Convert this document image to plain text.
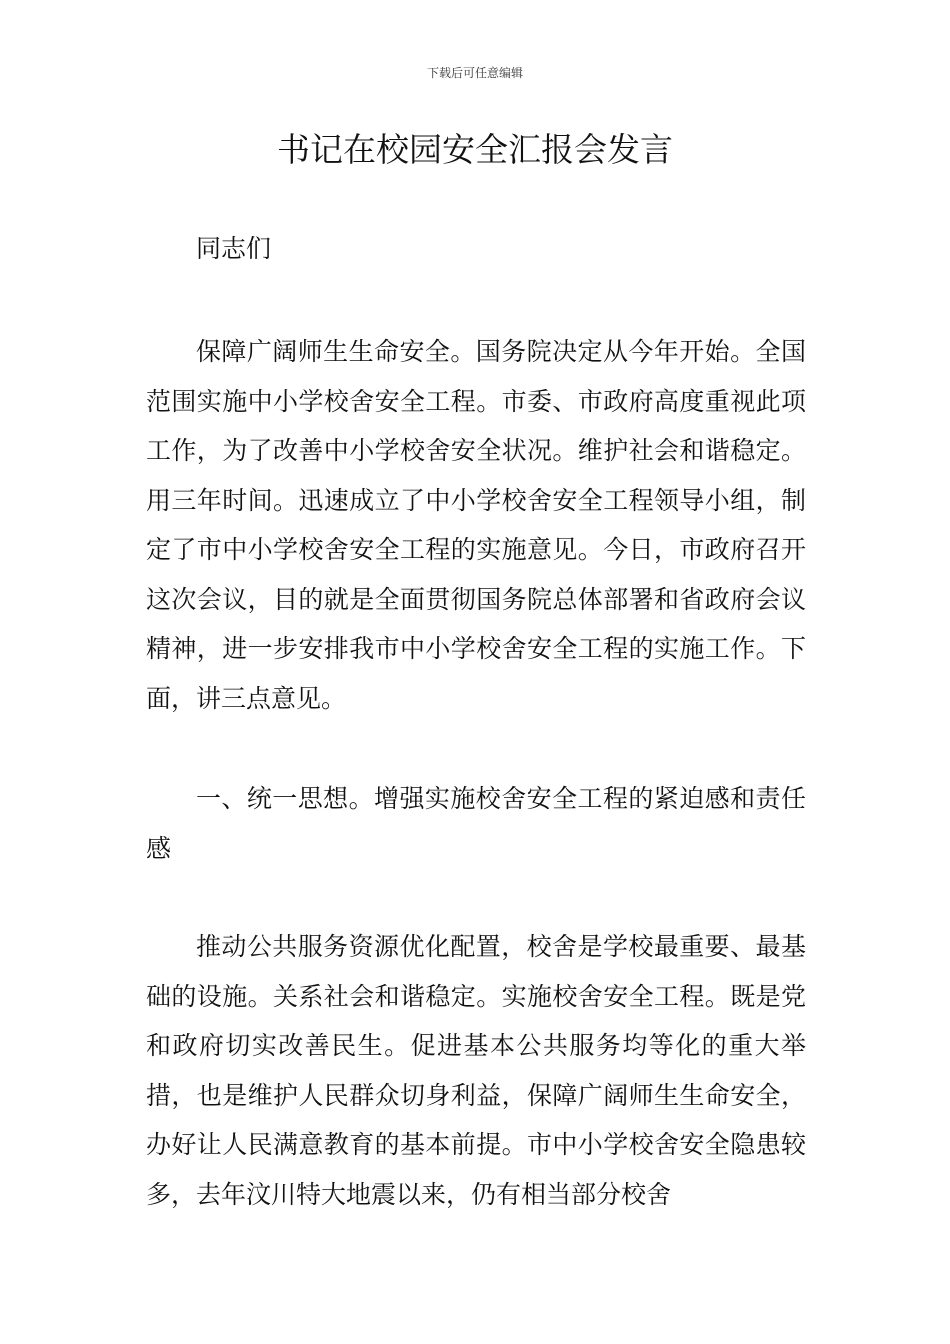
下载后可任意编辑
书记在校园安全汇报会发言

同志们

保障广阔师生生命安全。国务院决定从今年开始。全国范围实施中小学校舍安全工程。市委、市政府高度重视此项工作，为了改善中小学校舍安全状况。维护社会和谐稳定。用三年时间。迅速成立了中小学校舍安全工程领导小组，制定了市中小学校舍安全工程的实施意见。今日，市政府召开这次会议，目的就是全面贯彻国务院总体部署和省政府会议精神，进一步安排我市中小学校舍安全工程的实施工作。下面，讲三点意见。

一、统一思想。增强实施校舍安全工程的紧迫感和责任感

推动公共服务资源优化配置，校舍是学校最重要、最基础的设施。关系社会和谐稳定。实施校舍安全工程。既是党和政府切实改善民生。促进基本公共服务均等化的重大举措，也是维护人民群众切身利益，保障广阔师生生命安全，办好让人民满意教育的基本前提。市中小学校舍安全隐患较多，去年汶川特大地震以来，仍有相当部分校舍
